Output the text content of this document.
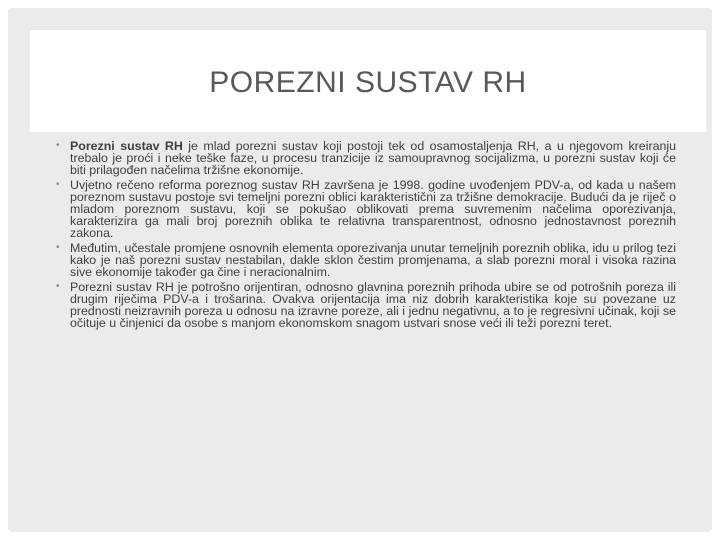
POREZNI SUSTAV RH
• Porezni sustav RH je mlad porezni sustav koji postoji tek od osamostaljenja RH, a u njegovom kreiranju trebalo je proći i neke teške faze, u procesu tranzicije iz samoupravnog socijalizma, u porezni sustav koji će biti prilagođen načelima tržišne ekonomije.
• Uvjetno rečeno reforma poreznog sustav RH završena je 1998. godine uvođenjem PDV-a, od kada u našem poreznom sustavu postoje svi temeljni porezni oblici karakteristični za tržišne demokracije. Budući da je riječ o mladom poreznom sustavu, koji se pokušao oblikovati prema suvremenim načelima oporezivanja, karakterizira ga mali broj poreznih oblika te relativna transparentnost, odnosno jednostavnost poreznih zakona.
• Međutim, učestale promjene osnovnih elementa oporezivanja unutar temeljnih poreznih oblika, idu u prilog tezi kako je naš porezni sustav nestabilan, dakle sklon čestim promjenama, a slab porezni moral i visoka razina sive ekonomije također ga čine i neracionalnim.
• Porezni sustav RH je potrošno orijentiran, odnosno glavnina poreznih prihoda ubire se od potrošnih poreza ili drugim riječima PDV-a i trošarina. Ovakva orijentacija ima niz dobrih karakteristika koje su povezane uz prednosti neizravnih poreza u odnosu na izravne poreze, ali i jednu negativnu, a to je regresivni učinak, koji se očituje u činjenici da osobe s manjom ekonomskom snagom ustvari snose veći ili teži porezni teret.
